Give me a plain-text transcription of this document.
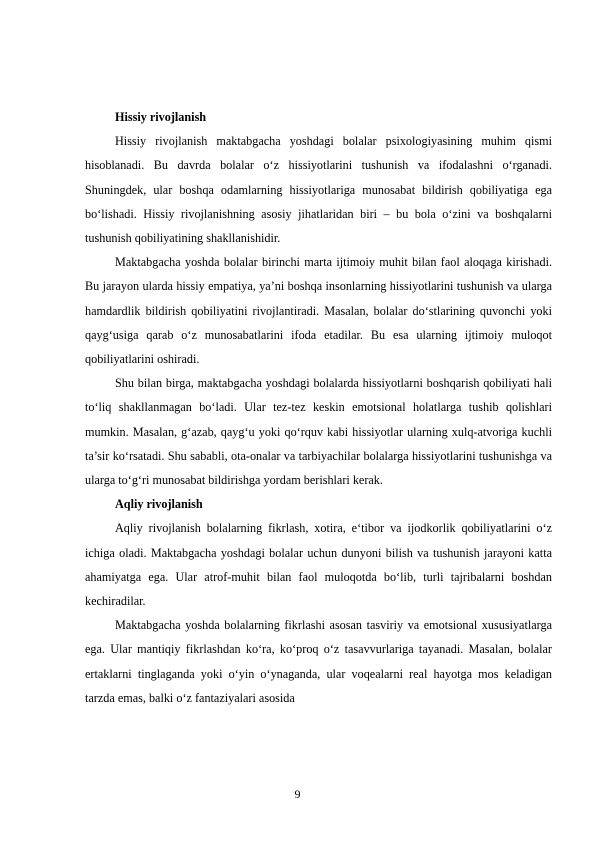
Hissiy rivojlanish

Hissiy rivojlanish maktabgacha yoshdagi bolalar psixologiyasining muhim qismi hisoblanadi. Bu davrda bolalar o‘z hissiyotlarini tushunish va ifodalashni o‘rganadi. Shuningdek, ular boshqa odamlarning hissiyotlariga munosabat bildirish qobiliyatiga ega bo‘lishadi. Hissiy rivojlanishning asosiy jihatlaridan biri – bu bola o‘zini va boshqalarni tushunish qobiliyatining shakllanishidir.

Maktabgacha yoshda bolalar birinchi marta ijtimoiy muhit bilan faol aloqaga kirishadi. Bu jarayon ularda hissiy empatiya, ya’ni boshqa insonlarning hissiyotlarini tushunish va ularga hamdardlik bildirish qobiliyatini rivojlantiradi. Masalan, bolalar do‘stlarining quvonchi yoki qayg‘usiga qarab o‘z munosabatlarini ifoda etadilar. Bu esa ularning ijtimoiy muloqot qobiliyatlarini oshiradi.

Shu bilan birga, maktabgacha yoshdagi bolalarda hissiyotlarni boshqarish qobiliyati hali to‘liq shakllanmagan bo‘ladi. Ular tez-tez keskin emotsional holatlarga tushib qolishlari mumkin. Masalan, g‘azab, qayg‘u yoki qo‘rquv kabi hissiyotlar ularning xulq-atvoriga kuchli ta’sir ko‘rsatadi. Shu sababli, ota-onalar va tarbiyachilar bolalarga hissiyotlarini tushunishga va ularga to‘g‘ri munosabat bildirishga yordam berishlari kerak.

Aqliy rivojlanish

Aqliy rivojlanish bolalarning fikrlash, xotira, e‘tibor va ijodkorlik qobiliyatlarini o‘z ichiga oladi. Maktabgacha yoshdagi bolalar uchun dunyoni bilish va tushunish jarayoni katta ahamiyatga ega. Ular atrof-muhit bilan faol muloqotda bo‘lib, turli tajribalarni boshdan kechiradilar.

Maktabgacha yoshda bolalarning fikrlashi asosan tasviriy va emotsional xususiyatlarga ega. Ular mantiqiy fikrlashdan ko‘ra, ko‘proq o‘z tasavvurlariga tayanadi. Masalan, bolalar ertaklarni tinglaganda yoki o‘yin o‘ynaganda, ular voqealarni real hayotga mos keladigan tarzda emas, balki o‘z fantaziyalari asosida

9
